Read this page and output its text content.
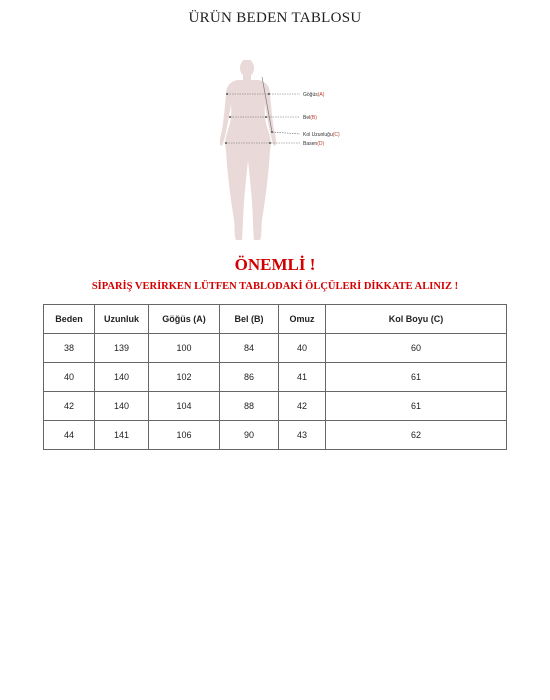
ÜRÜN BEDEN TABLOSU
Göğüs(A)
Bel(B)
Kol Uzunluğu(C)
Basen(D)
ÖNEMLİ !
SİPARİŞ VERİRKEN LÜTFEN TABLODAKİ ÖLÇÜLERİ DİKKATE ALINIZ !
Beden	Uzunluk	Göğüs (A)	Bel (B)	Omuz	Kol Boyu (C)
38	139	100	84	40	60
40	140	102	86	41	61
42	140	104	88	42	61
44	141	106	90	43	62
